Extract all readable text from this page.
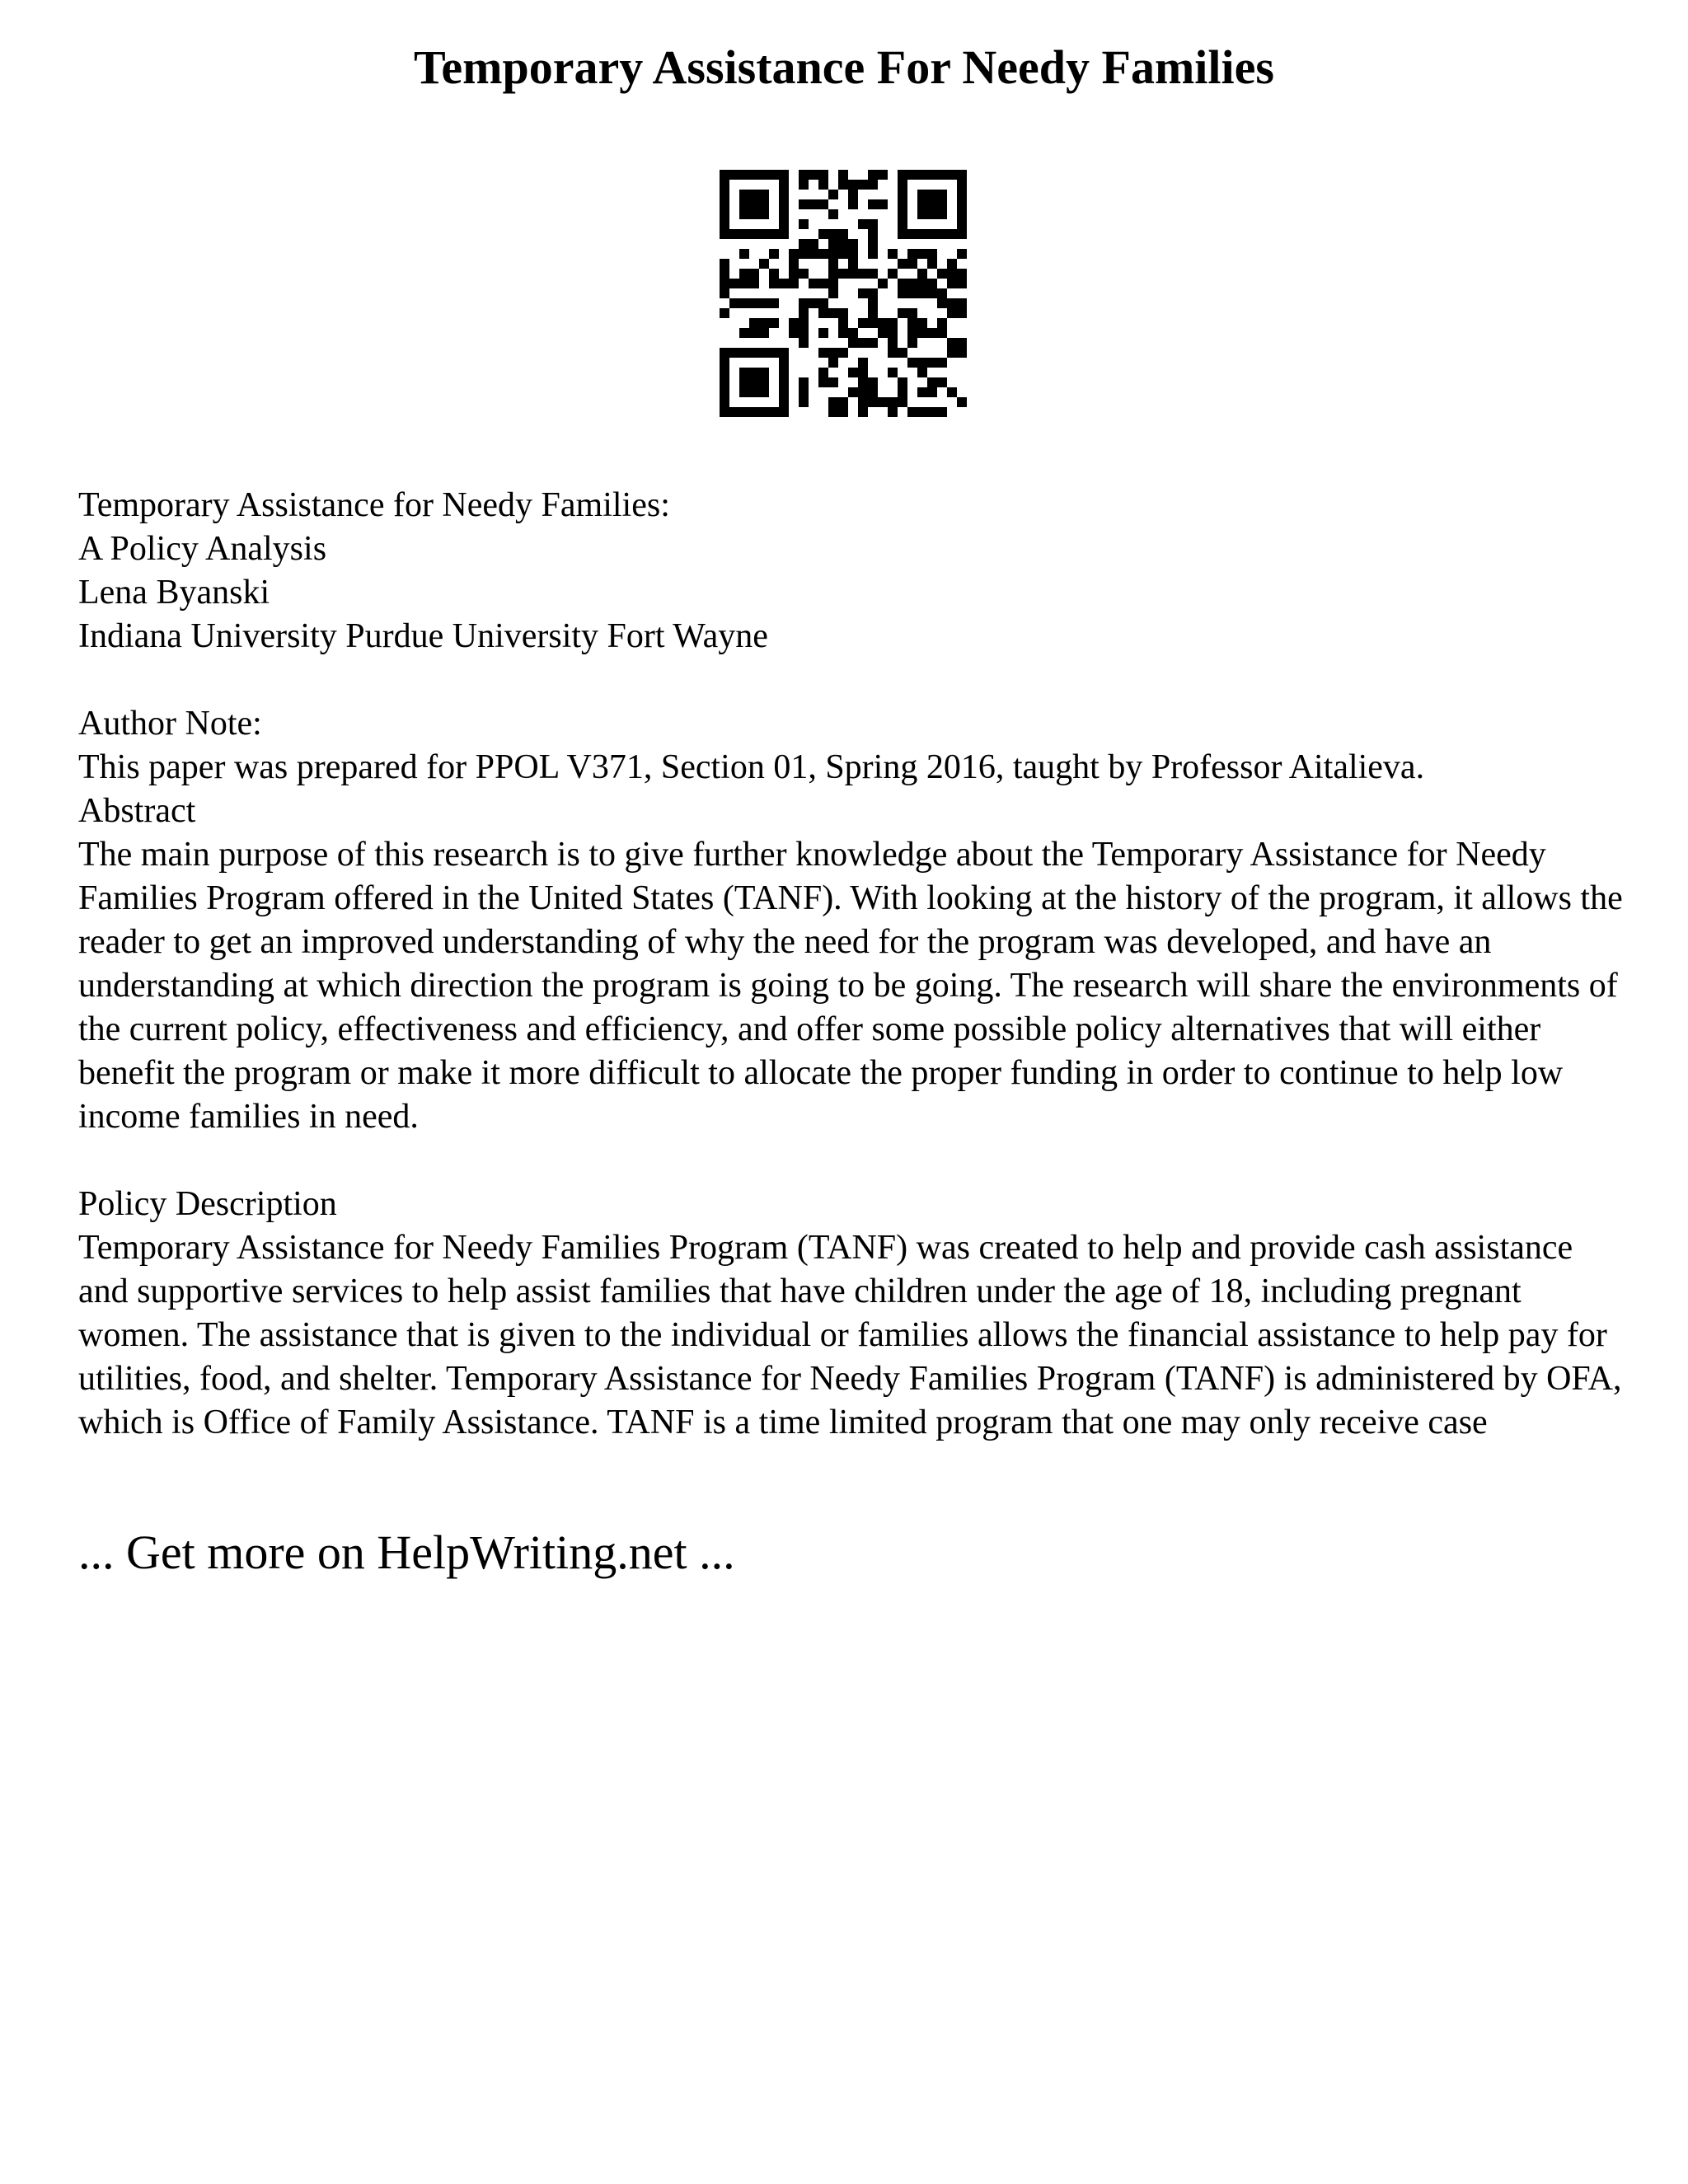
Temporary Assistance For Needy Families
Temporary Assistance for Needy Families:
A Policy Analysis
Lena Byanski
Indiana University Purdue University Fort Wayne
Author Note:
This paper was prepared for PPOL V371, Section 01, Spring 2016, taught by Professor Aitalieva.
Abstract

The main purpose of this research is to give further knowledge about the Temporary Assistance for Needy Families Program offered in the United States (TANF). With looking at the history of the program, it allows the reader to get an improved understanding of why the need for the program was developed, and have an understanding at which direction the program is going to be going. The research will share the environments of the current policy, effectiveness and efficiency, and offer some possible policy alternatives that will either benefit the program or make it more difficult to allocate the proper funding in order to continue to help low income families in need.

Policy Description

Temporary Assistance for Needy Families Program (TANF) was created to help and provide cash assistance and supportive services to help assist families that have children under the age of 18, including pregnant women. The assistance that is given to the individual or families allows the financial assistance to help pay for utilities, food, and shelter. Temporary Assistance for Needy Families Program (TANF) is administered by OFA, which is Office of Family Assistance. TANF is a time limited program that one may only receive case

... Get more on HelpWriting.net ...
